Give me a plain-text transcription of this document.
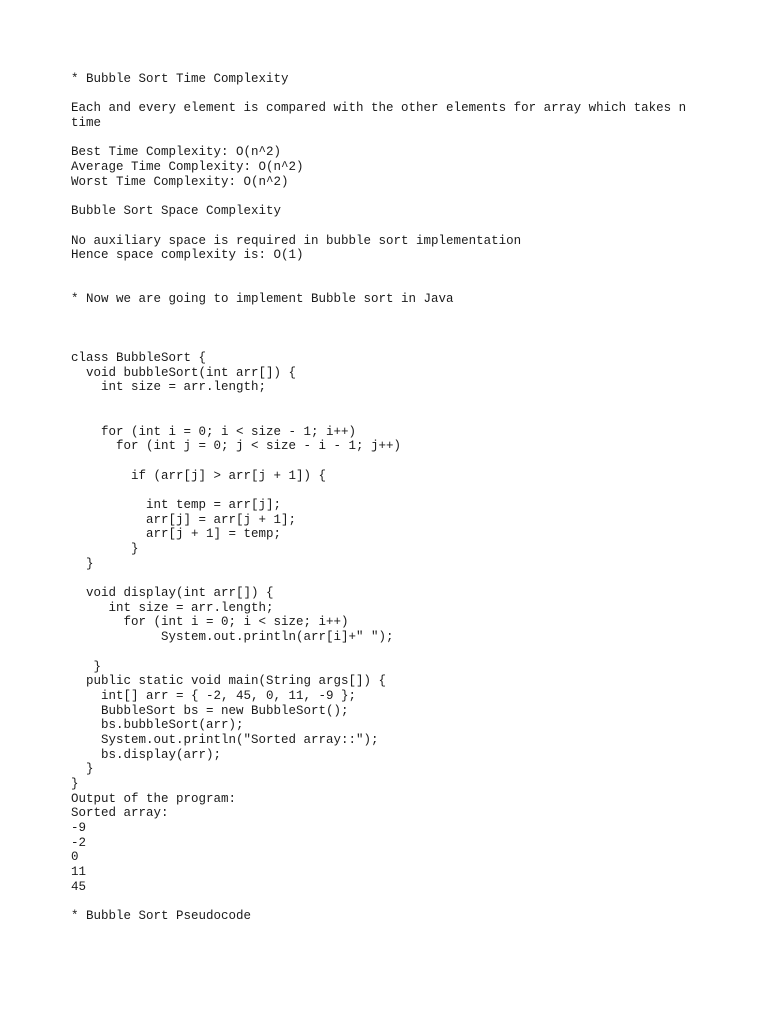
* Bubble Sort Time Complexity
Each and every element is compared with the other elements for array which takes n
time
Best Time Complexity: O(n^2)
Average Time Complexity: O(n^2)
Worst Time Complexity: O(n^2)
Bubble Sort Space Complexity
No auxiliary space is required in bubble sort implementation
Hence space complexity is: O(1)
* Now we are going to implement Bubble sort in Java
class BubbleSort {
void bubbleSort(int arr[]) {
int size = arr.length;
for (int i = 0; i < size - 1; i++)
for (int j = 0; j < size - i - 1; j++)
if (arr[j] > arr[j + 1]) {
int temp = arr[j];
arr[j] = arr[j + 1];
arr[j + 1] = temp;
}
}
void display(int arr[]) {
int size = arr.length;
for (int i = 0; i < size; i++)
System.out.println(arr[i]+" ");
}
public static void main(String args[]) {
int[] arr = { -2, 45, 0, 11, -9 };
BubbleSort bs = new BubbleSort();
bs.bubbleSort(arr);
System.out.println("Sorted array::");
bs.display(arr);
}
}
Output of the program:
Sorted array:
-9
-2
0
11
45
* Bubble Sort Pseudocode
